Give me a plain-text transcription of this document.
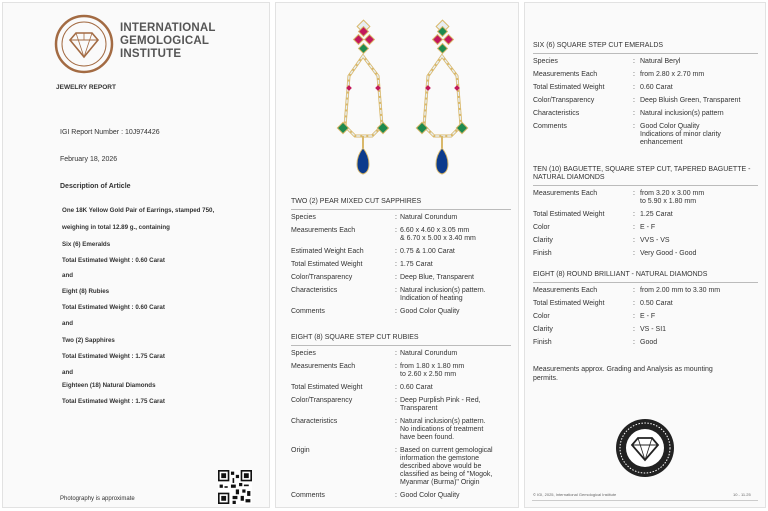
INTERNATIONAL
GEMOLOGICAL
INSTITUTE
JEWELRY REPORT
IGI Report Number : 10J974426
February 18, 2026
Description of Article
Photography is approximate
Measurements approx. Grading and Analysis as mounting
permits.
© IGI, 2025, International Gemological Institute	10 - 11.25
One 18K Yellow Gold Pair of Earrings, stamped 750,
weighing in total 12.89 g., containing
Six (6) Emeralds
Total Estimated Weight : 0.60 Carat
and
Eight (8) Rubies
Total Estimated Weight : 0.60 Carat
and
Two (2) Sapphires
Total Estimated Weight : 1.75 Carat
and
Eighteen (18) Natural Diamonds
Total Estimated Weight : 1.75 Carat
TWO (2) PEAR MIXED CUT SAPPHIRES
Species	: Natural Corundum
Measurements Each	: 6.60 x 4.60 x 3.05 mm
& 6.70 x 5.00 x 3.40 mm
Estimated Weight Each	: 0.75 & 1.00 Carat
Total Estimated Weight	: 1.75 Carat
Color/Transparency	: Deep Blue, Transparent
Characteristics	: Natural inclusion(s) pattern.
Indication of heating
Comments	: Good Color Quality
EIGHT (8) SQUARE STEP CUT RUBIES
Species	: Natural Corundum
Measurements Each	: from 1.80 x 1.80 mm
to 2.60 x 2.50 mm
Total Estimated Weight	: 0.60 Carat
Color/Transparency	: Deep Purplish Pink - Red,
Transparent
Characteristics	: Natural inclusion(s) pattern.
No indications of treatment
have been found.
Origin	: Based on current gemological
information the gemstone
described above would be
classified as being of "Mogok,
Myanmar (Burma)" Origin
Comments	: Good Color Quality
SIX (6) SQUARE STEP CUT EMERALDS
Species	: Natural Beryl
Measurements Each	: from 2.80 x 2.70 mm
Total Estimated Weight	: 0.60 Carat
Color/Transparency	: Deep Bluish Green, Transparent
Characteristics	: Natural inclusion(s) pattern
Comments	: Good Color Quality
Indications of minor clarity
enhancement
TEN (10) BAGUETTE, SQUARE STEP CUT, TAPERED BAGUETTE -
NATURAL DIAMONDS
Measurements Each	: from 3.20 x 3.00 mm
to 5.90 x 1.80 mm
Total Estimated Weight	: 1.25 Carat
Color	: E - F
Clarity	: VVS - VS
Finish	: Very Good - Good
EIGHT (8) ROUND BRILLIANT - NATURAL DIAMONDS
Measurements Each	: from 2.00 mm to 3.30 mm
Total Estimated Weight	: 0.50 Carat
Color	: E - F
Clarity	: VS - SI1
Finish	: Good
